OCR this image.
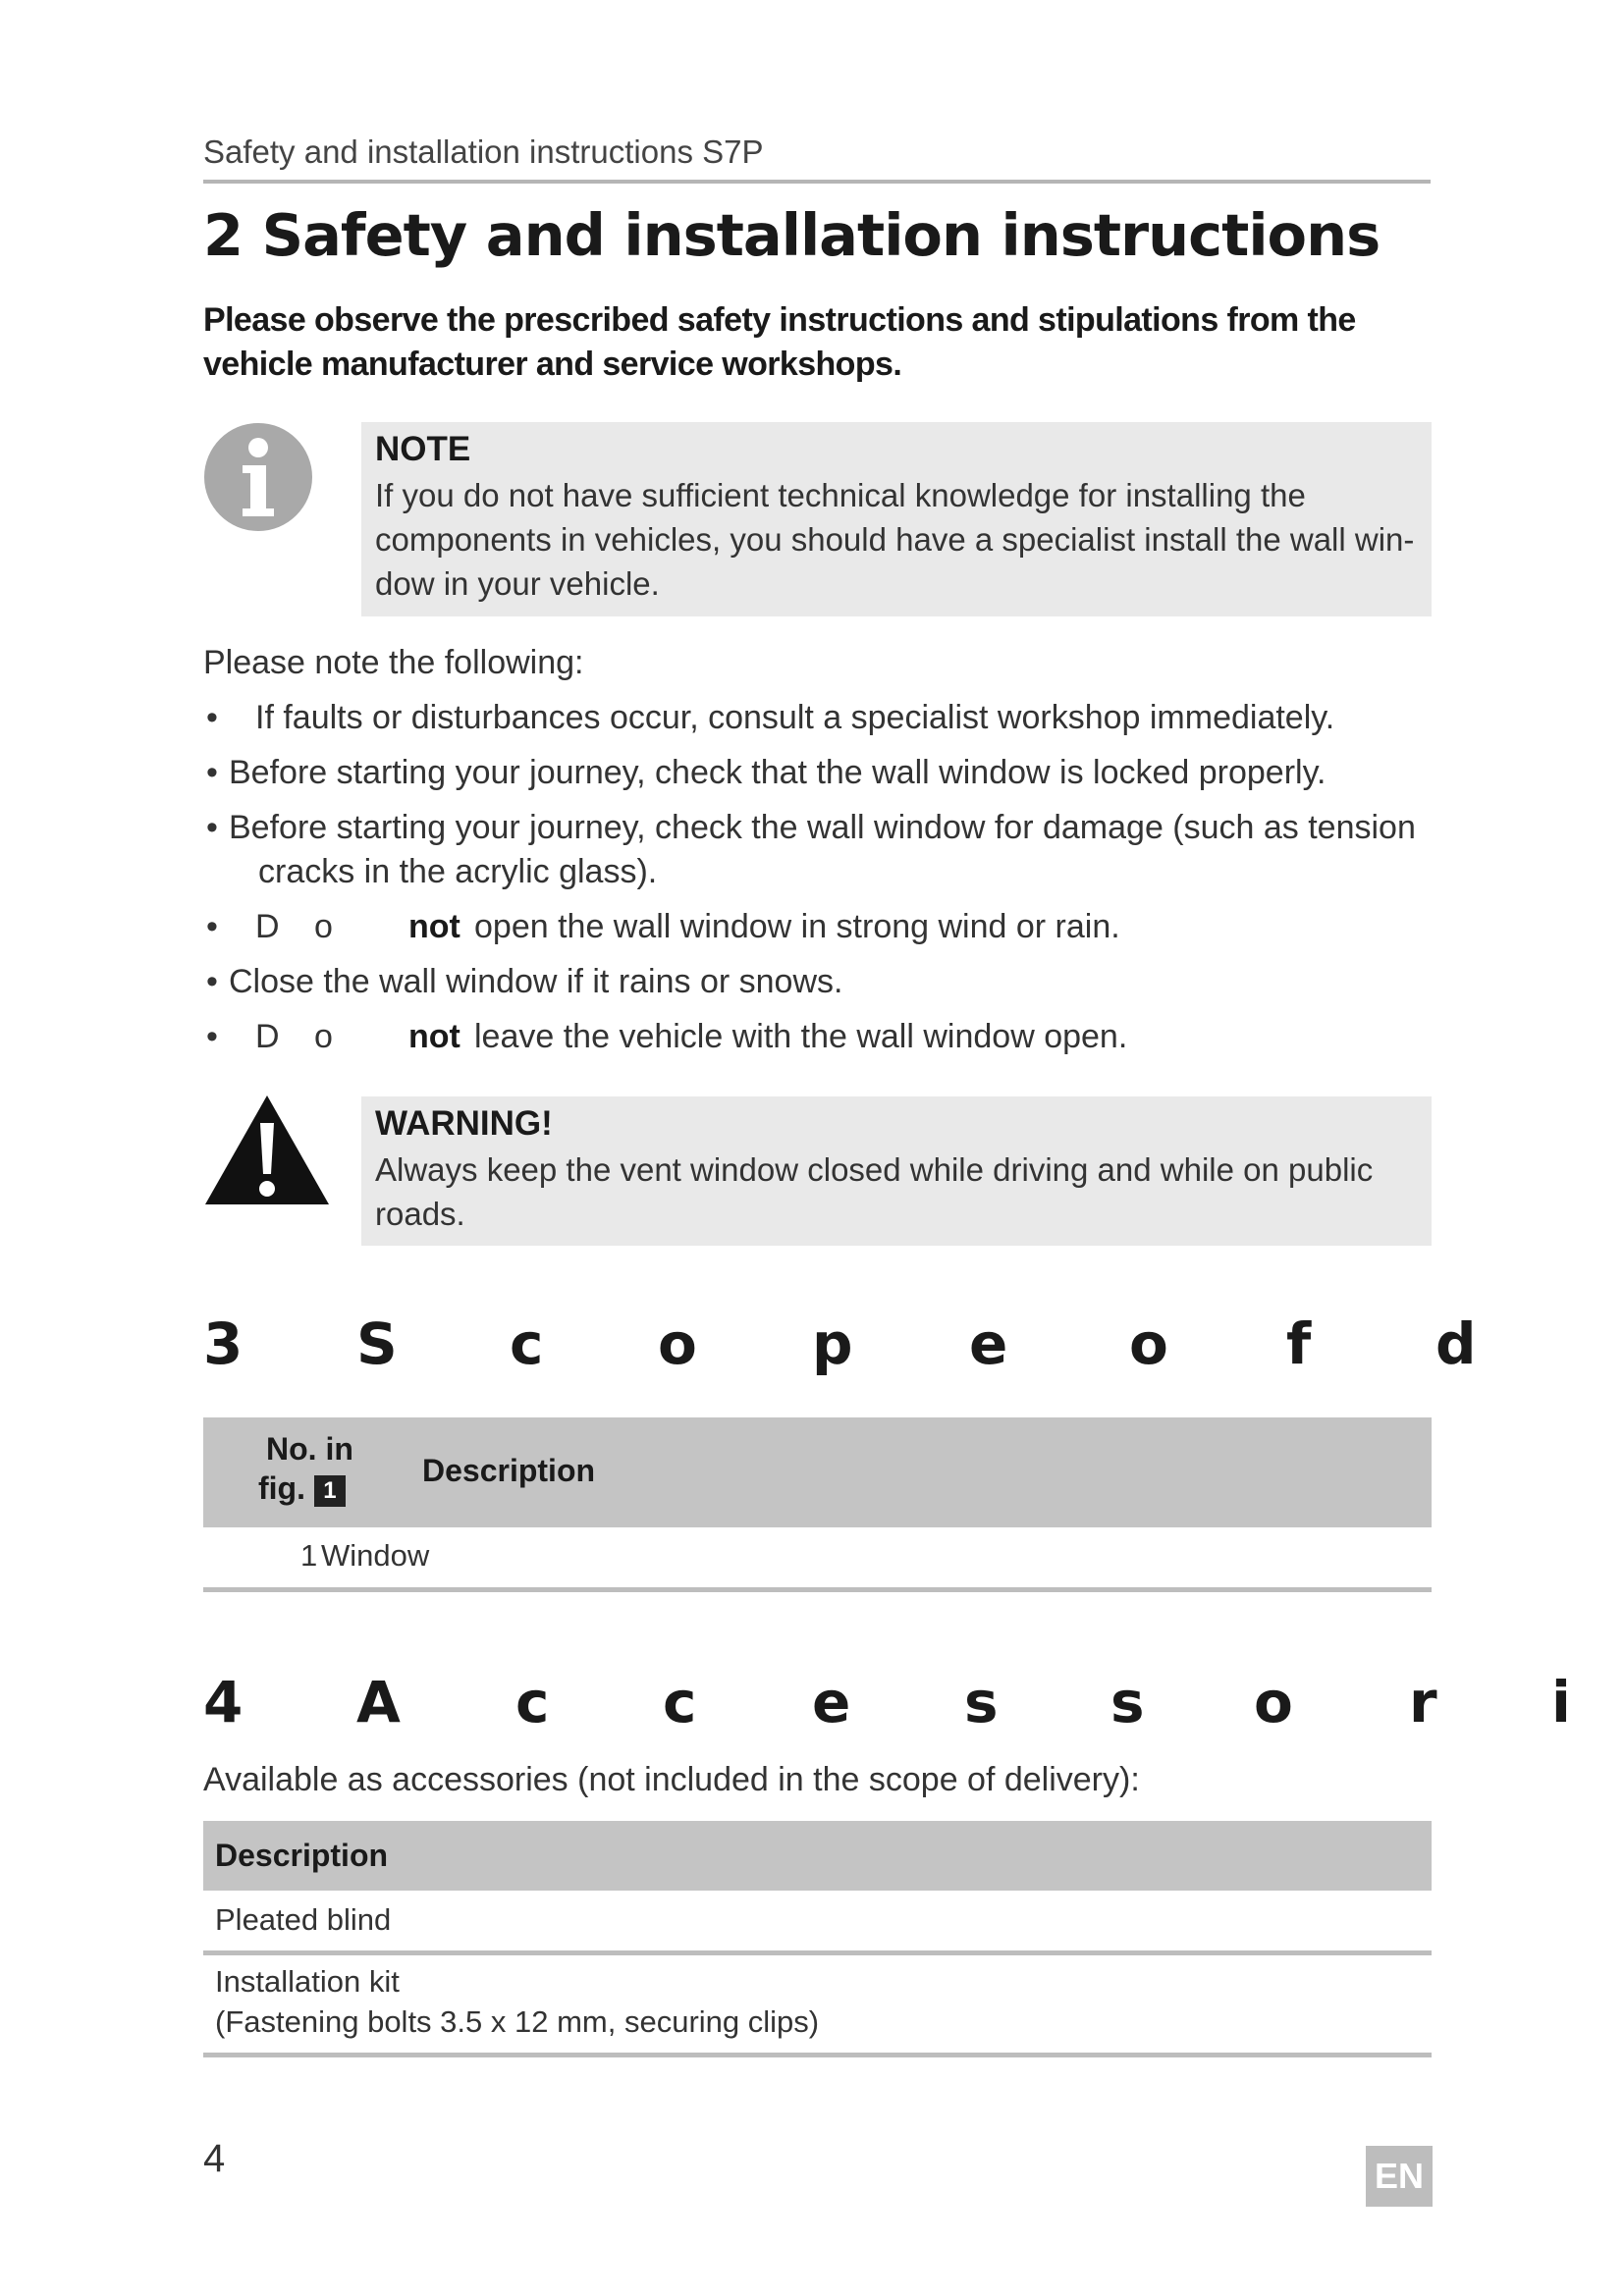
Safety and installation instructions S7P
2 Safety and installation instructions
Please observe the prescribed safety instructions and stipulations from the
vehicle manufacturer and service workshops.
NOTE
If you do not have sufficient technical knowledge for installing the
components in vehicles, you should have a specialist install the wall win-
dow in your vehicle.
Please note the following:
• If faults or disturbances occur, consult a specialist workshop immediately.
• Before starting your journey, check that the wall window is locked properly.
• Before starting your journey, check the wall window for damage (such as tension
cracks in the acrylic glass).
• D o not open the wall window in strong wind or rain.
• Close the wall window if it rains or snows.
• D o not leave the vehicle with the wall window open.
WARNING!
Always keep the vent window closed while driving and while on public
roads.
3 S c o p e o f d
No. in
fig. 1
Description
1 Window
4 A c c e s s o r i
Available as accessories (not included in the scope of delivery):
Description
Pleated blind
Installation kit
(Fastening bolts 3.5 x 12 mm, securing clips)
4	EN
